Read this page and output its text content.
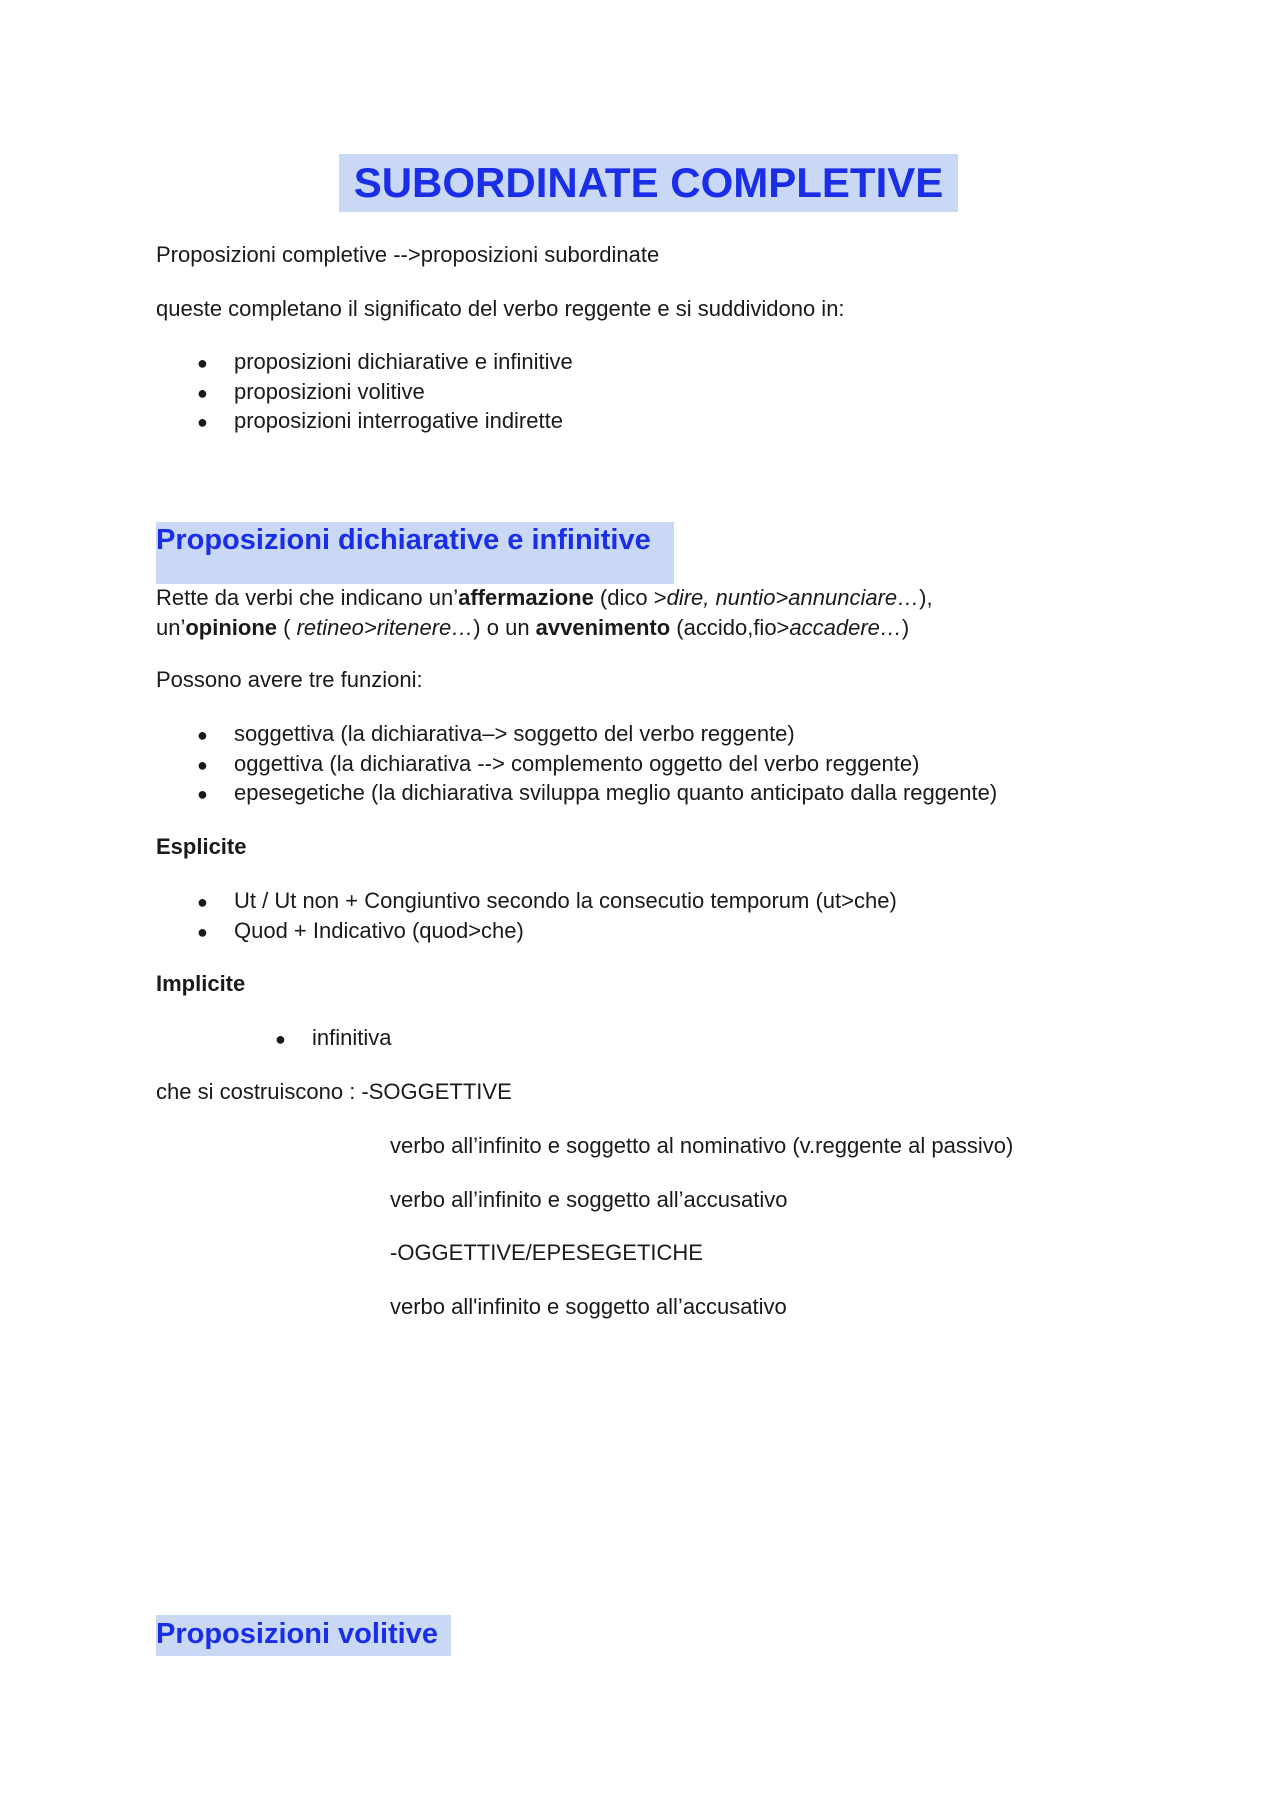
SUBORDINATE COMPLETIVE
Proposizioni completive -->proposizioni subordinate
queste completano il significato del verbo reggente e si suddividono in:
● proposizioni dichiarative e infinitive
● proposizioni volitive
● proposizioni interrogative indirette
Proposizioni dichiarative e infinitive
Rette da verbi che indicano un’affermazione (dico >dire, nuntio>annunciare…),
un’opinione ( retineo>ritenere…) o un avvenimento (accido,fio>accadere…)
Possono avere tre funzioni:
● soggettiva (la dichiarativa–> soggetto del verbo reggente)
● oggettiva (la dichiarativa --> complemento oggetto del verbo reggente)
● epesegetiche (la dichiarativa sviluppa meglio quanto anticipato dalla reggente)
Esplicite
● Ut / Ut non + Congiuntivo secondo la consecutio temporum (ut>che)
● Quod + Indicativo (quod>che)
Implicite
● infinitiva
che si costruiscono : -SOGGETTIVE
verbo all’infinito e soggetto al nominativo (v.reggente al passivo)
verbo all’infinito e soggetto all’accusativo
-OGGETTIVE/EPESEGETICHE
verbo all'infinito e soggetto all’accusativo
Proposizioni volitive
